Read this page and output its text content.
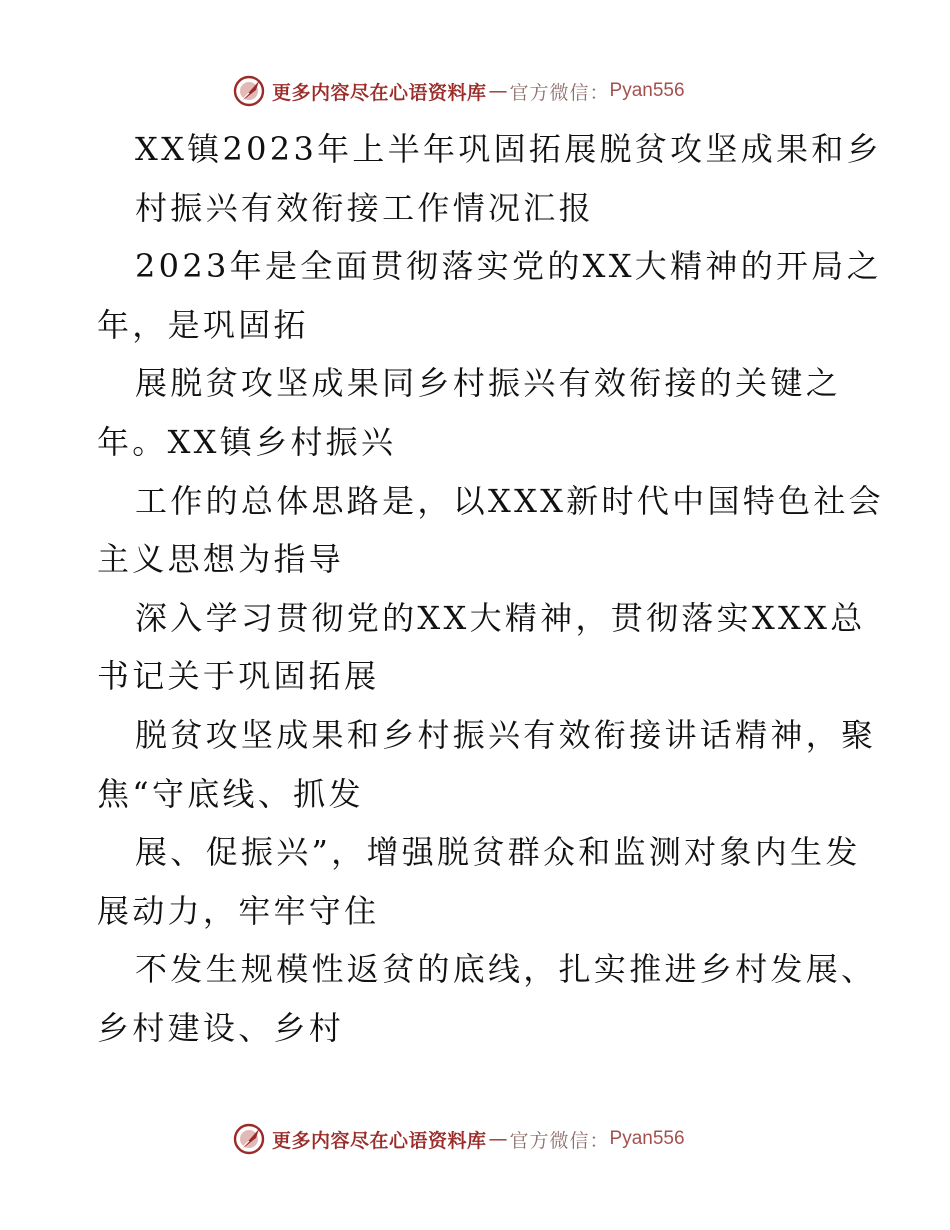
更多内容尽在心语资料库 — 官方微信： Pyan556
XX镇2023年上半年巩固拓展脱贫攻坚成果和乡
村振兴有效衔接工作情况汇报
2023年是全面贯彻落实党的XX大精神的开局之
年，是巩固拓
展脱贫攻坚成果同乡村振兴有效衔接的关键之
年。XX镇乡村振兴
工作的总体思路是，以XXX新时代中国特色社会
主义思想为指导
深入学习贯彻党的XX大精神，贯彻落实XXX总
书记关于巩固拓展
脱贫攻坚成果和乡村振兴有效衔接讲话精神，聚
焦“守底线、抓发
展、促振兴”，增强脱贫群众和监测对象内生发
展动力，牢牢守住
不发生规模性返贫的底线，扎实推进乡村发展、
乡村建设、乡村
更多内容尽在心语资料库 — 官方微信： Pyan556
